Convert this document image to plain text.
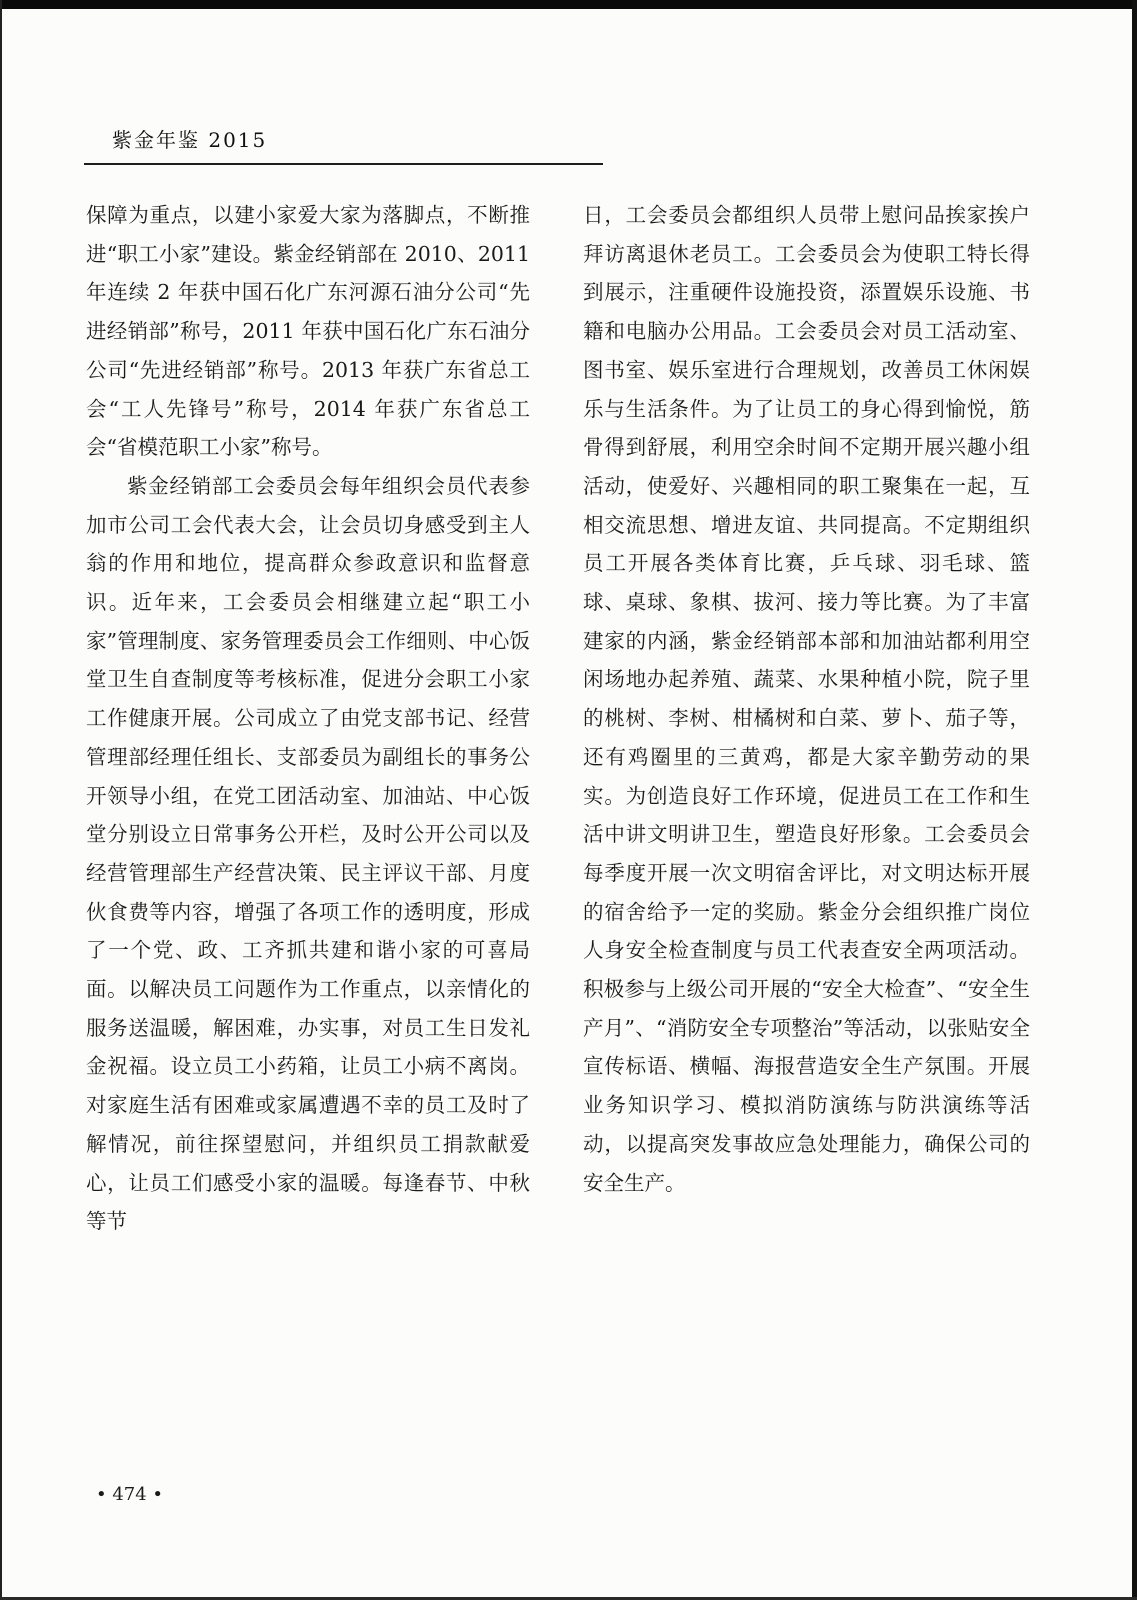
紫金年鉴 2015

保障为重点，以建小家爱大家为落脚点，不断推进“职工小家”建设。紫金经销部在 2010、2011 年连续 2 年获中国石化广东河源石油分公司“先进经销部”称号，2011 年获中国石化广东石油分公司“先进经销部”称号。2013 年获广东省总工会“工人先锋号”称号，2014 年获广东省总工会“省模范职工小家”称号。

紫金经销部工会委员会每年组织会员代表参加市公司工会代表大会，让会员切身感受到主人翁的作用和地位，提高群众参政意识和监督意识。近年来，工会委员会相继建立起“职工小家”管理制度、家务管理委员会工作细则、中心饭堂卫生自查制度等考核标准，促进分会职工小家工作健康开展。公司成立了由党支部书记、经营管理部经理任组长、支部委员为副组长的事务公开领导小组，在党工团活动室、加油站、中心饭堂分别设立日常事务公开栏，及时公开公司以及经营管理部生产经营决策、民主评议干部、月度伙食费等内容，增强了各项工作的透明度，形成了一个党、政、工齐抓共建和谐小家的可喜局面。以解决员工问题作为工作重点，以亲情化的服务送温暖，解困难，办实事，对员工生日发礼金祝福。设立员工小药箱，让员工小病不离岗。对家庭生活有困难或家属遭遇不幸的员工及时了解情况，前往探望慰问，并组织员工捐款献爱心，让员工们感受小家的温暖。每逢春节、中秋等节

日，工会委员会都组织人员带上慰问品挨家挨户拜访离退休老员工。工会委员会为使职工特长得到展示，注重硬件设施投资，添置娱乐设施、书籍和电脑办公用品。工会委员会对员工活动室、图书室、娱乐室进行合理规划，改善员工休闲娱乐与生活条件。为了让员工的身心得到愉悦，筋骨得到舒展，利用空余时间不定期开展兴趣小组活动，使爱好、兴趣相同的职工聚集在一起，互相交流思想、增进友谊、共同提高。不定期组织员工开展各类体育比赛，乒乓球、羽毛球、篮球、桌球、象棋、拔河、接力等比赛。为了丰富建家的内涵，紫金经销部本部和加油站都利用空闲场地办起养殖、蔬菜、水果种植小院，院子里的桃树、李树、柑橘树和白菜、萝卜、茄子等，还有鸡圈里的三黄鸡，都是大家辛勤劳动的果实。为创造良好工作环境，促进员工在工作和生活中讲文明讲卫生，塑造良好形象。工会委员会每季度开展一次文明宿舍评比，对文明达标开展的宿舍给予一定的奖励。紫金分会组织推广岗位人身安全检查制度与员工代表查安全两项活动。积极参与上级公司开展的“安全大检查”、“安全生产月”、“消防安全专项整治”等活动，以张贴安全宣传标语、横幅、海报营造安全生产氛围。开展业务知识学习、模拟消防演练与防洪演练等活动，以提高突发事故应急处理能力，确保公司的安全生产。

• 474 •
